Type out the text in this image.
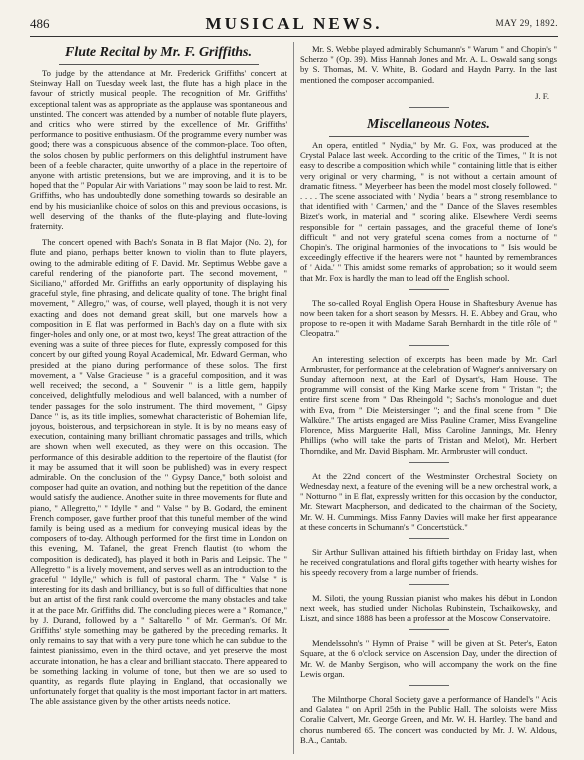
486	MUSICAL NEWS.	MAY 29, 1892.
Flute Recital by Mr. F. Griffiths.

To judge by the attendance at Mr. Frederick Griffiths' concert at Steinway Hall on Tuesday week last, the flute has a high place in the favour of strictly musical people. The recognition of Mr. Griffiths' exceptional talent was as appropriate as the applause was spontaneous and unstinted. The concert was attended by a number of notable flute players, and critics who were stirred by the excellence of Mr. Griffiths' performance to positive enthusiasm. Of the programme every number was good; there was a conspicuous absence of the common-place. Too often, the solos chosen by public performers on this delightful instrument have been of a feeble character, quite unworthy of a place in the repertoire of anyone with artistic pretensions, but we are improving, and it is to be hoped that the " Popular Air with Variations " may soon be laid to rest. Mr. Griffiths, who has undoubtedly done something towards so desirable an end by his musicianlike choice of solos on this and previous occasions, is well deserving of the thanks of the flute-playing and flute-loving fraternity.

The concert opened with Bach's Sonata in B flat Major (No. 2), for flute and piano, perhaps better known to violin than to flute players, owing to the admirable editing of F. David. Mr. Septimus Webbe gave a careful rendering of the pianoforte part. The second movement, " Siciliano," afforded Mr. Griffiths an early opportunity of displaying his graceful style, fine phrasing, and delicate quality of tone. The bright final movement, " Allegro," was, of course, well played, though it is not very exacting and does not demand great skill, but one marvels how a composition in E flat was performed in Bach's day on a flute with six finger-holes and only one, or at most two, keys! The great attraction of the evening was a suite of three pieces for flute, expressly composed for this concert by our gifted young Royal Academical, Mr. Edward German, who presided at the piano during performance of these solos. The first movement, a " Valse Gracieuse " is a graceful composition, and it was well received; the second, a " Souvenir " is a little gem, happily conceived, delightfully melodious and well balanced, with a number of tender passages for the solo instrument. The third movement, " Gipsy Dance " is, as its title implies, somewhat characteristic of Bohemian life, joyous, boisterous, and terpsichorean in style. It is by no means easy of execution, containing many brilliant chromatic passages and trills, which are shown when well executed, as they were on this occasion. The performance of this desirable addition to the repertoire of the flautist (for it may be assumed that it will soon be published) was in every respect admirable. On the conclusion of the " Gypsy Dance," both soloist and composer had quite an ovation, and nothing but the repetition of the dance would satisfy the audience. Another suite in three movements for flute and piano, " Allegretto," " Idylle " and " Valse " by B. Godard, the eminent French composer, gave further proof that this tuneful member of the wind family is being used as a medium for conveying musical ideas by the composers of to-day. Although performed for the first time in London on this evening, M. Tafanel, the great French flautist (to whom the composition is dedicated), has played it both in Paris and Leipsic. The " Allegretto " is a lively movement, and serves well as an introduction to the graceful " Idylle," which is full of pastoral charm. The " Valse " is interesting for its dash and brilliancy, but is so full of difficulties that none but an artist of the first rank could overcome the many obstacles and take it at the pace Mr. Griffiths did. The concluding pieces were a " Romance," by J. Durand, followed by a " Saltarello " of Mr. German's. Of Mr. Griffiths' style something may be gathered by the preceding remarks. It only remains to say that with a very pure tone which he can subdue to the faintest pianissimo, even in the third octave, and yet preserve the most accurate intonation, he has a clear and brilliant staccato. There appeared to be something lacking in volume of tone, but then we are so used to quantity, as regards flute playing in England, that occasionally we unfortunately forget that quality is the most important factor in art matters. The able assistance given by the other artists needs notice.

Mr. S. Webbe played admirably Schumann's " Warum " and Chopin's " Scherzo " (Op. 39). Miss Hannah Jones and Mr. A. L. Oswald sang songs by S. Thomas, M. V. White, B. Godard and Haydn Parry. In the last mentioned the composer accompanied.

J. F.

Miscellaneous Notes.

An opera, entitled " Nydia," by Mr. G. Fox, was produced at the Crystal Palace last week. According to the critic of the Times, " It is not easy to describe a composition which while " containing little that is either very original or very charming, " is not without a certain amount of dramatic fitness. " Meyerbeer has been the model most closely followed. " . . . . The scene associated with ' Nydia ' bears a " strong resemblance to that identified with ' Carmen,' and the " Dance of the Slaves resembles Bizet's work, in material and " scoring alike. Elsewhere Verdi seems responsible for " certain passages, and the graceful theme of Ione's difficult " and not very grateful scena comes from a nocturne of " Chopin's. The original harmonies of the invocations to " Isis would be exceedingly effective if the hearers were not " haunted by remembrances of ' Aida.' " This amidst some remarks of approbation; so it would seem that Mr. Fox is hardly the man to lead off the English school.

The so-called Royal English Opera House in Shaftesbury Avenue has now been taken for a short season by Messrs. H. E. Abbey and Grau, who propose to re-open it with Madame Sarah Bernhardt in the title rôle of " Cleopatra."

An interesting selection of excerpts has been made by Mr. Carl Armbruster, for performance at the celebration of Wagner's anniversary on Sunday afternoon next, at the Earl of Dysart's, Ham House. The programme will consist of the King Marke scene from " Tristan "; the entire first scene from " Das Rheingold "; Sachs's monologue and duet with Eva, from " Die Meistersinger "; and the final scene from " Die Walküre." The artists engaged are Miss Pauline Cramer, Miss Evangeline Florence, Miss Marguerite Hall, Miss Caroline Jannings, Mr. Henry Phillips (who will take the parts of Tristan and Melot), Mr. Herbert Thorndike, and Mr. David Bispham. Mr. Armbruster will conduct.

At the 22nd concert of the Westminster Orchestral Society on Wednesday next, a feature of the evening will be a new orchestral work, a " Notturno " in E flat, expressly written for this occasion by the conductor, Mr. Stewart Macpherson, and dedicated to the chairman of the Society, Mr. W. H. Cummings. Miss Fanny Davies will make her first appearance at these concerts in Schumann's " Concertstück."

Sir Arthur Sullivan attained his fiftieth birthday on Friday last, when he received congratulations and floral gifts together with hearty wishes for his speedy recovery from a large number of friends.

M. Siloti, the young Russian pianist who makes his début in London next week, has studied under Nicholas Rubinstein, Tschaikowsky, and Liszt, and since 1888 has been a professor at the Moscow Conservatoire.

Mendelssohn's " Hymn of Praise " will be given at St. Peter's, Eaton Square, at the 6 o'clock service on Ascension Day, under the direction of Mr. W. de Manby Sergison, who will accompany the work on the fine Lewis organ.

The Milnthorpe Choral Society gave a performance of Handel's " Acis and Galatea " on April 25th in the Public Hall. The soloists were Miss Coralie Calvert, Mr. George Green, and Mr. W. H. Hartley. The band and chorus numbered 65. The concert was conducted by Mr. J. W. Aldous, B.A., Cantab.
